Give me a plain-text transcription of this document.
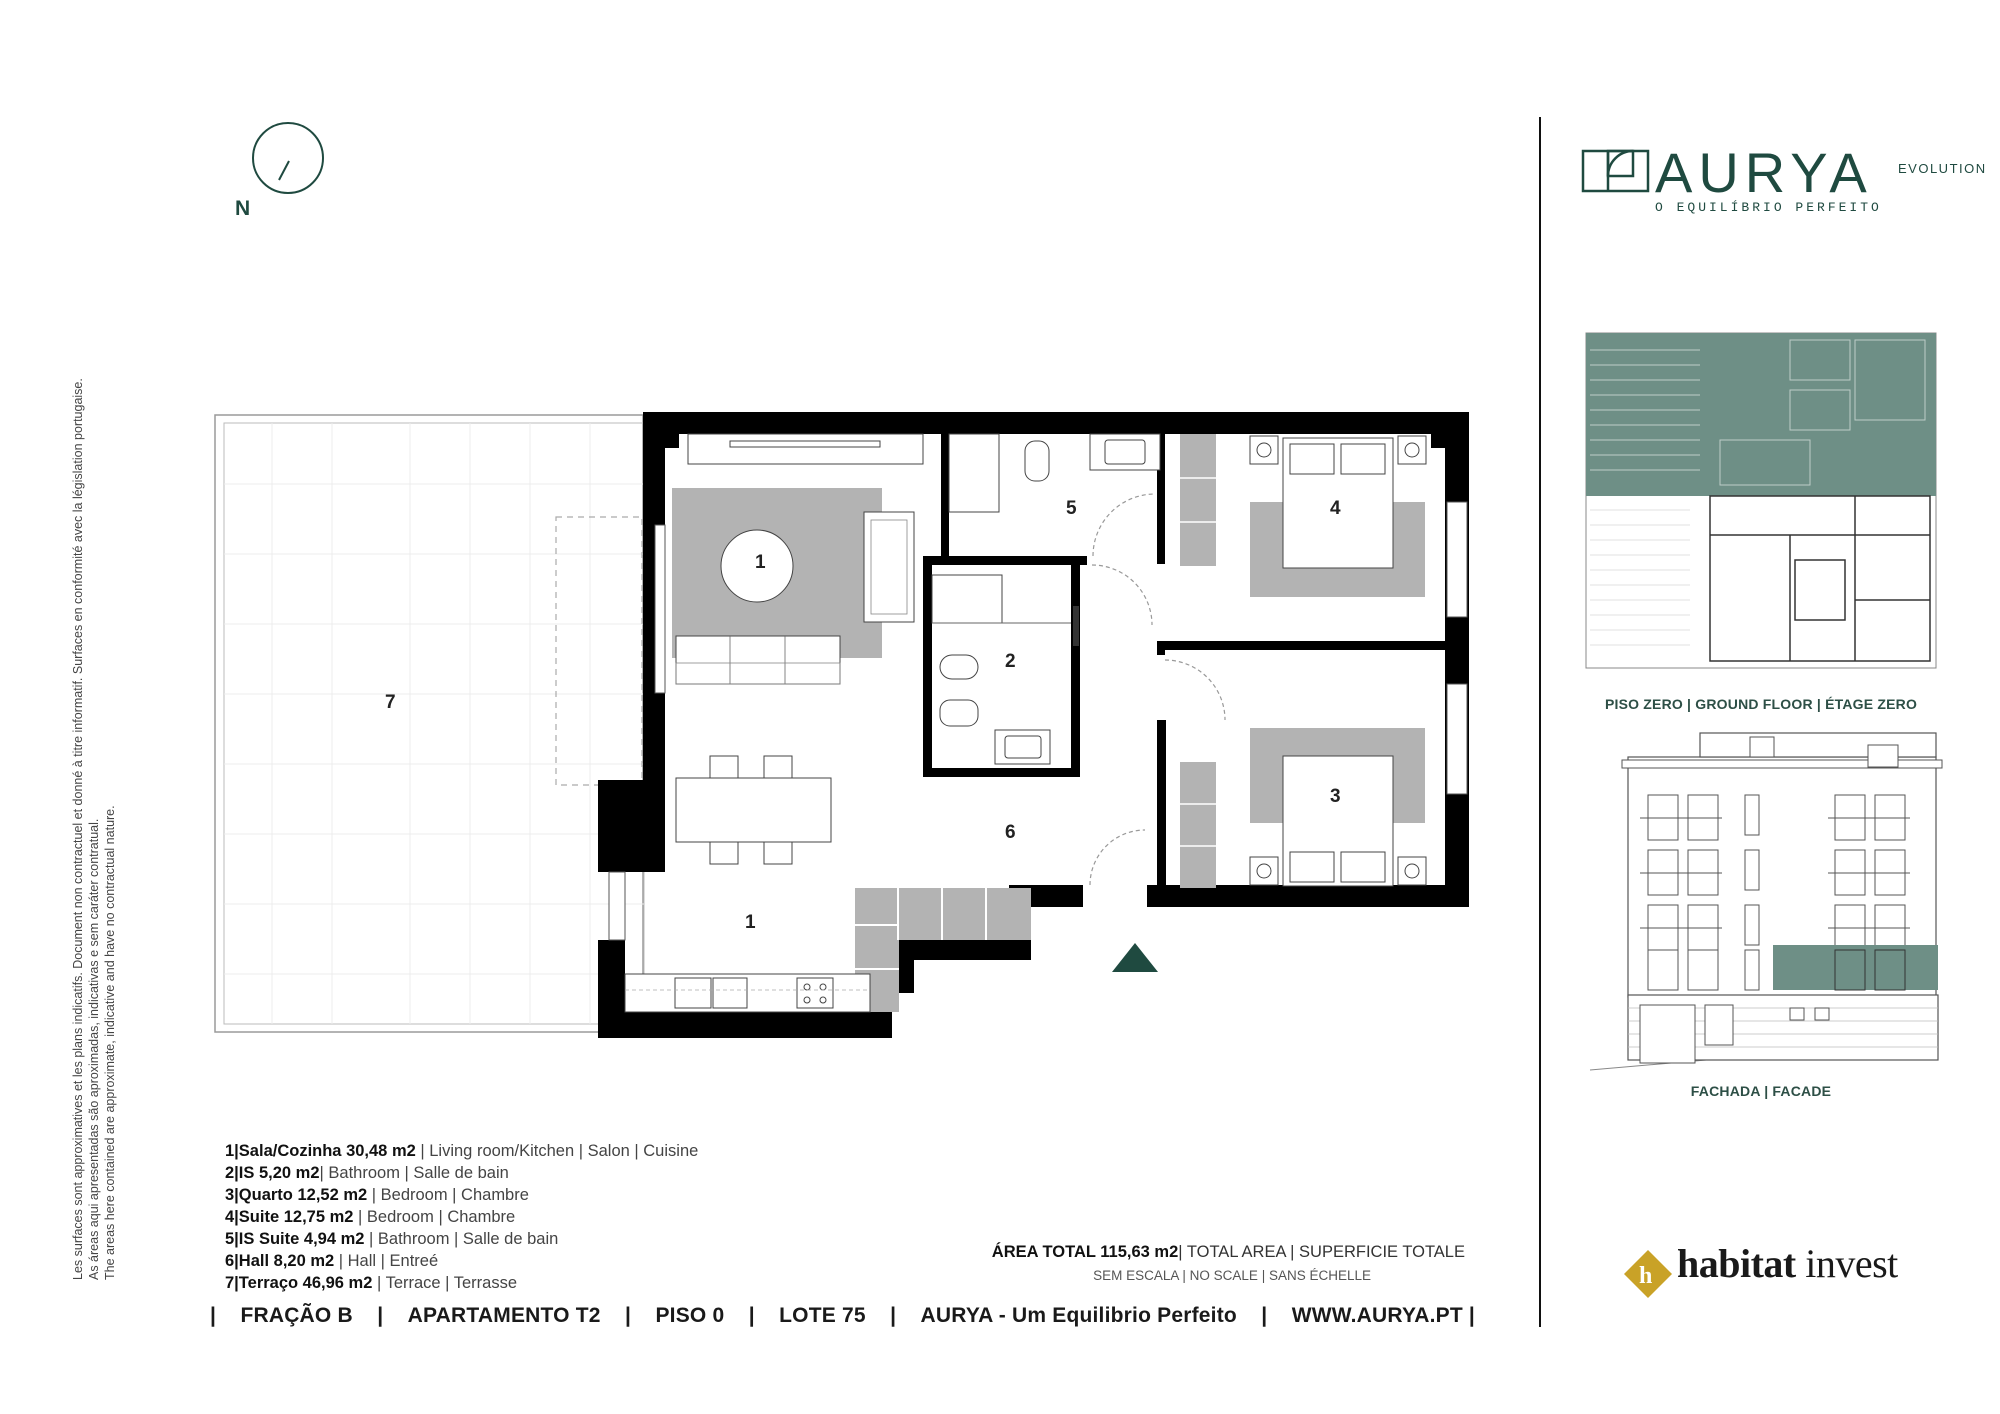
Les surfaces sont approximatives et les plans indicatifs. Document non contractuel et donné à titre informatif. Surfaces en conformité avec la législation portugaise. As áreas aqui apresentadas são aproximadas, indicativas e sem caráter contratual. The areas here contained are approximate, indicative and have no contractual nature.	h
1
1
2
3
4
5
6
7
N
1|Sala/Cozinha 30,48 m2 | Living room/Kitchen | Salon | Cuisine
2|IS 5,20 m2| Bathroom | Salle de bain
3|Quarto 12,52 m2 | Bedroom | Chambre
4|Suite 12,75 m2 | Bedroom | Chambre
5|IS Suite 4,94 m2 | Bathroom | Salle de bain
6|Hall 8,20 m2 | Hall | Entreé
7|Terraço 46,96 m2 | Terrace | Terrasse
ÁREA TOTAL 115,63 m2| TOTAL AREA | SUPERFICIE TOTALE
SEM ESCALA | NO SCALE | SANS ÉCHELLE
| FRAÇÃO B | APARTAMENTO T2 | PISO 0 | LOTE 75 | AURYA - Um Equilibrio Perfeito | WWW.AURYA.PT |
AURYA EVOLUTION
O EQUILÍBRIO PERFEITO
PISO ZERO | GROUND FLOOR | ÉTAGE ZERO
FACHADA | FACADE
habitat invest
